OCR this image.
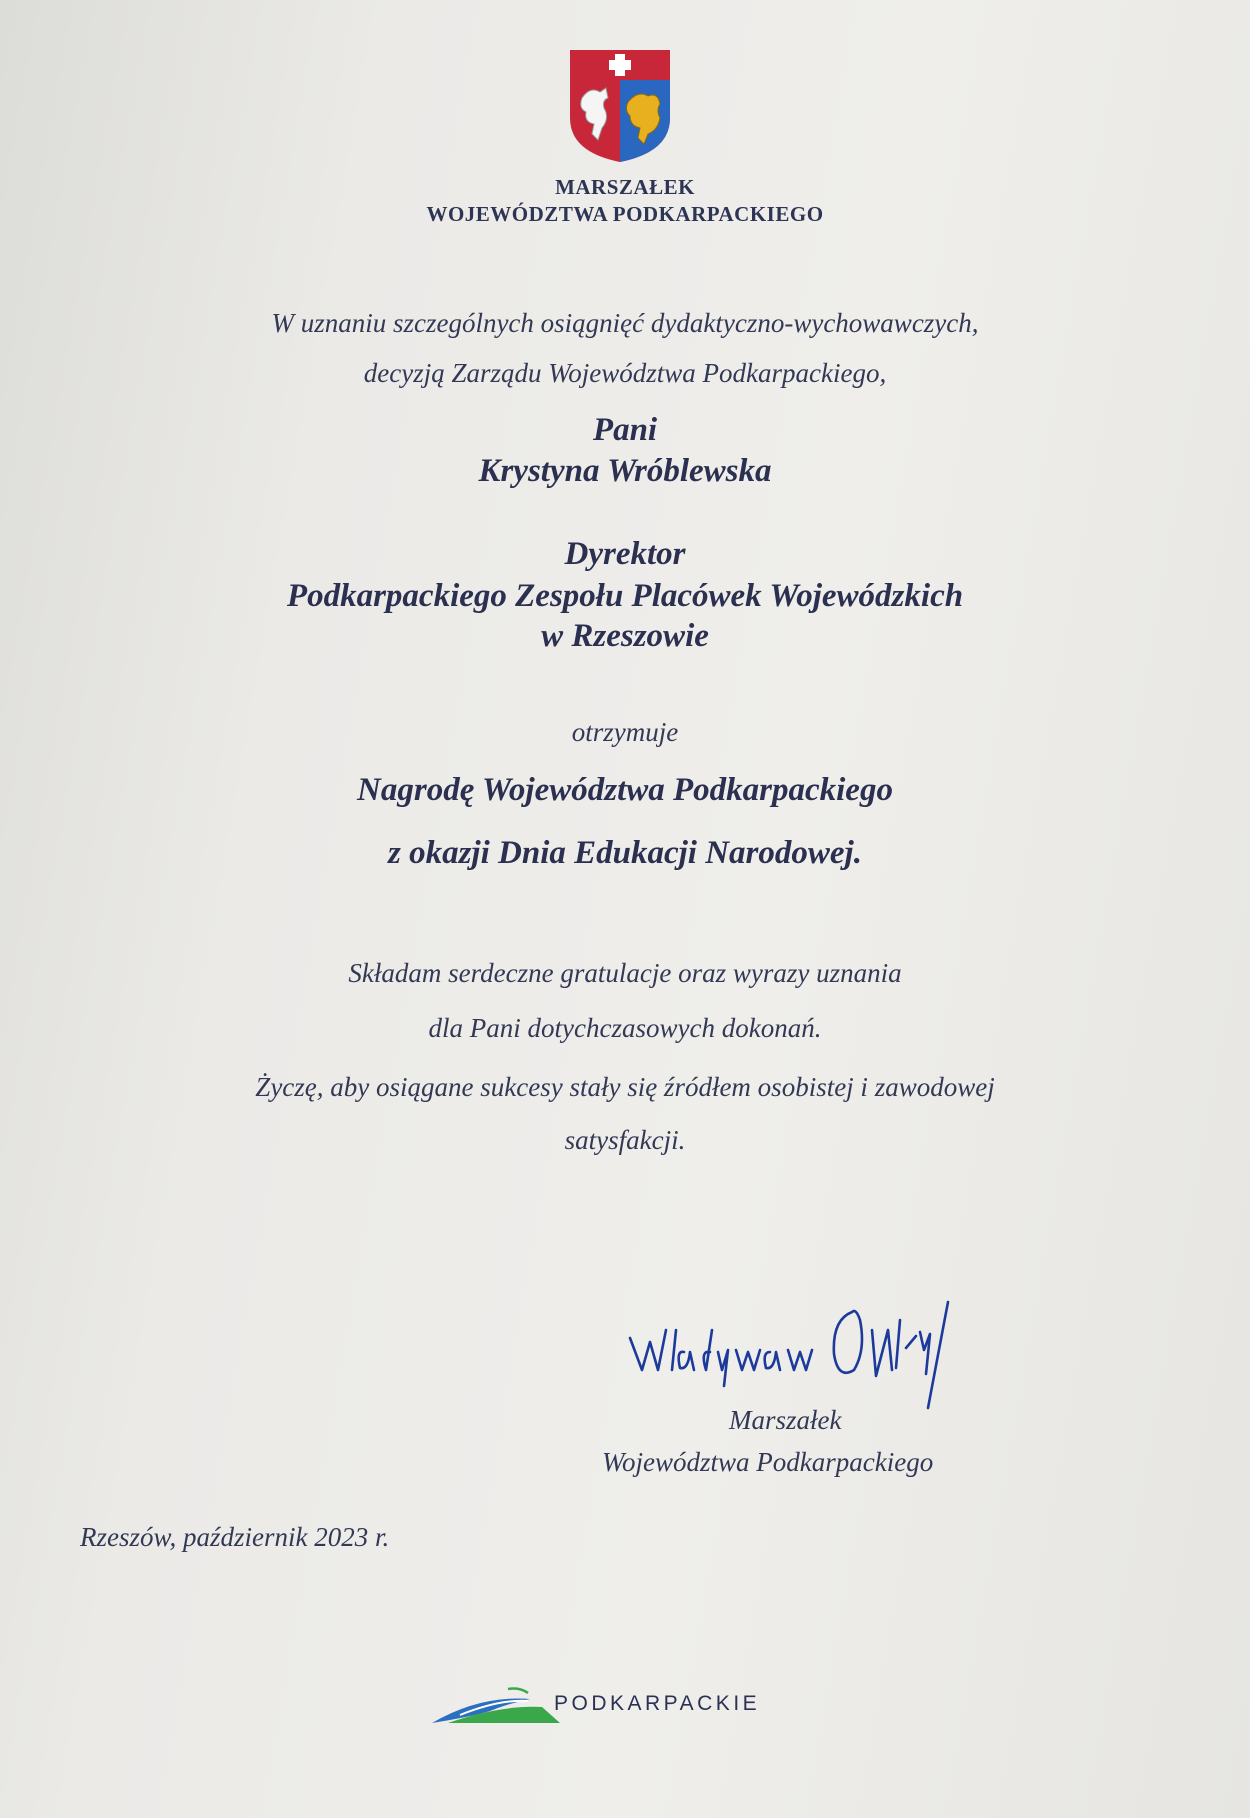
MARSZAŁEK
WOJEWÓDZTWA PODKARPACKIEGO
W uznaniu szczególnych osiągnięć dydaktyczno-wychowawczych,
decyzją Zarządu Województwa Podkarpackiego,
Pani
Krystyna Wróblewska
Dyrektor
Podkarpackiego Zespołu Placówek Wojewódzkich
w Rzeszowie
otrzymuje
Nagrodę Województwa Podkarpackiego
z okazji Dnia Edukacji Narodowej.
Składam serdeczne gratulacje oraz wyrazy uznania
dla Pani dotychczasowych dokonań.
Życzę, aby osiągane sukcesy stały się źródłem osobistej i zawodowej
satysfakcji.
Marszałek
Województwa Podkarpackiego
Rzeszów, październik 2023 r.
PODKARPACKIE
